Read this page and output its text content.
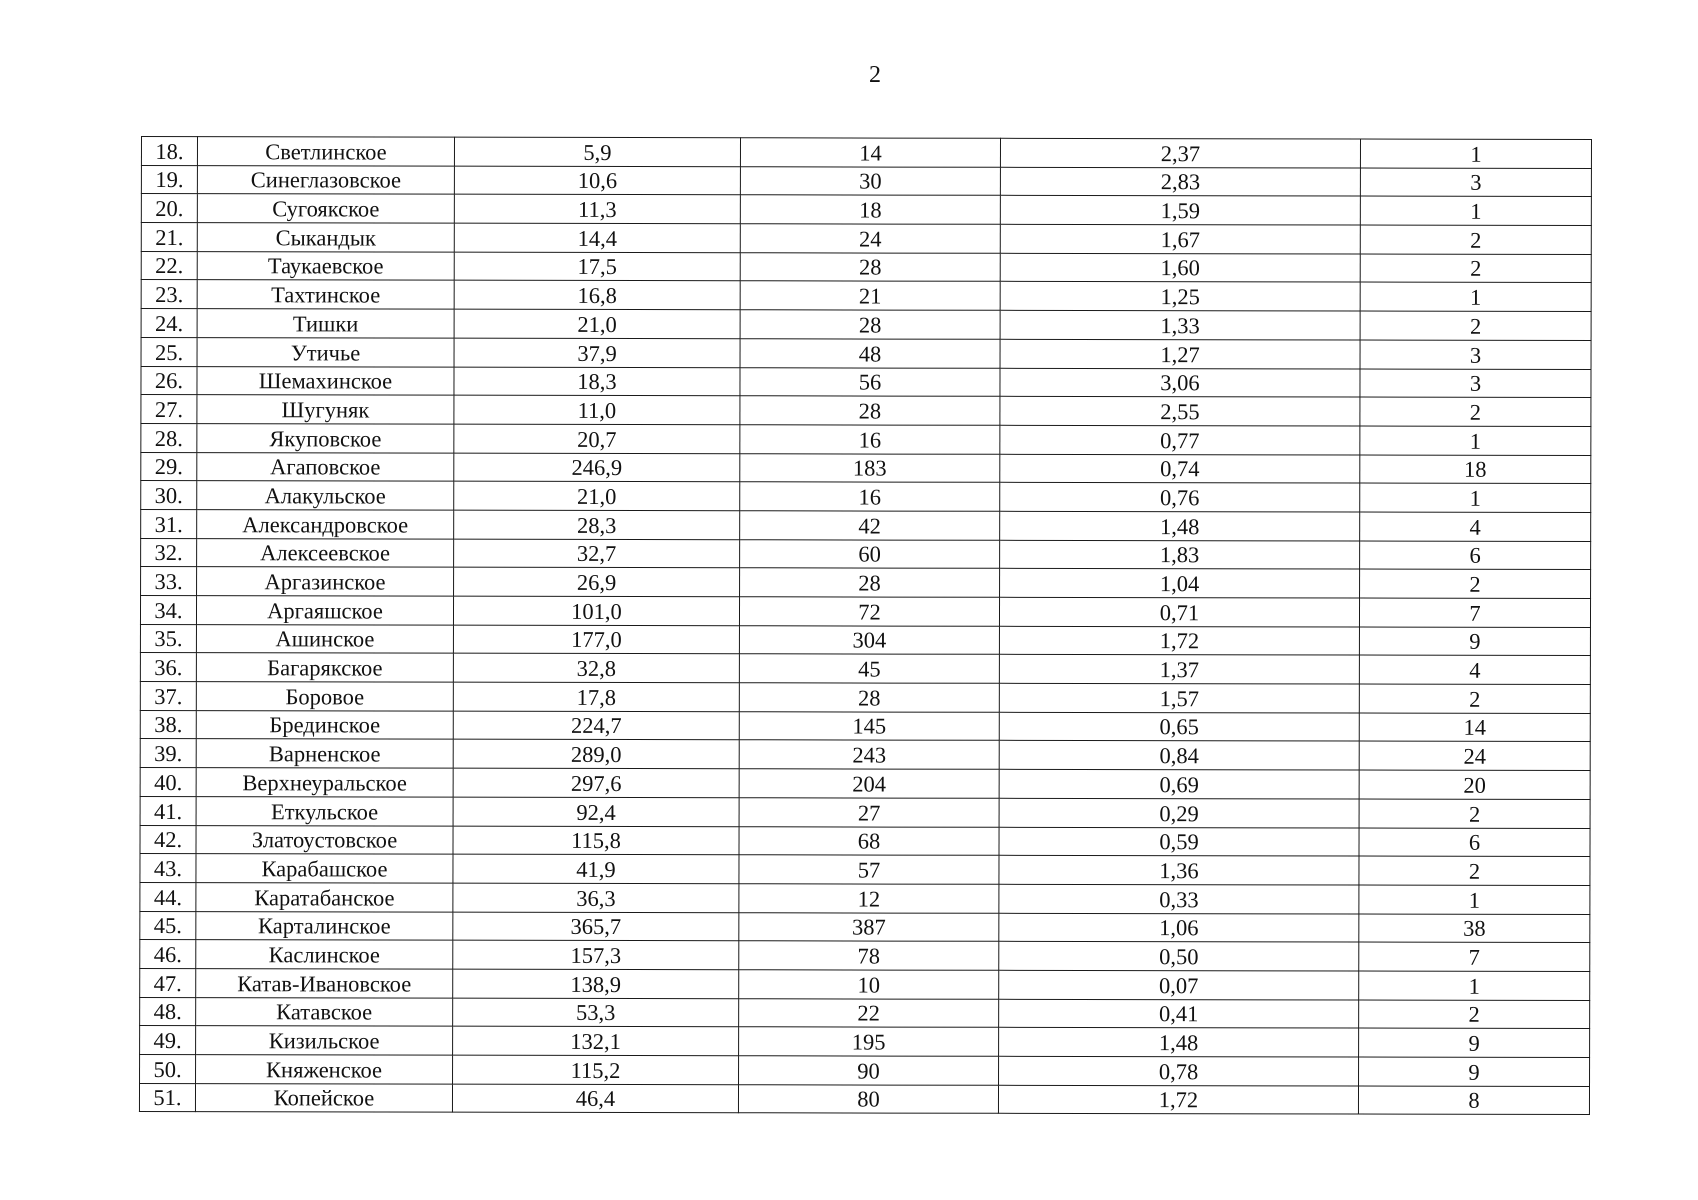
2
18.	Светлинское	5,9	14	2,37	1
19.	Синеглазовское	10,6	30	2,83	3
20.	Сугоякское	11,3	18	1,59	1
21.	Сыкандык	14,4	24	1,67	2
22.	Таукаевское	17,5	28	1,60	2
23.	Тахтинское	16,8	21	1,25	1
24.	Тишки	21,0	28	1,33	2
25.	Утичье	37,9	48	1,27	3
26.	Шемахинское	18,3	56	3,06	3
27.	Шугуняк	11,0	28	2,55	2
28.	Якуповское	20,7	16	0,77	1
29.	Агаповское	246,9	183	0,74	18
30.	Алакульское	21,0	16	0,76	1
31.	Александровское	28,3	42	1,48	4
32.	Алексеевское	32,7	60	1,83	6
33.	Аргазинское	26,9	28	1,04	2
34.	Аргаяшское	101,0	72	0,71	7
35.	Ашинское	177,0	304	1,72	9
36.	Багарякское	32,8	45	1,37	4
37.	Боровое	17,8	28	1,57	2
38.	Брединское	224,7	145	0,65	14
39.	Варненское	289,0	243	0,84	24
40.	Верхнеуральское	297,6	204	0,69	20
41.	Еткульское	92,4	27	0,29	2
42.	Златоустовское	115,8	68	0,59	6
43.	Карабашское	41,9	57	1,36	2
44.	Каратабанское	36,3	12	0,33	1
45.	Карталинское	365,7	387	1,06	38
46.	Каслинское	157,3	78	0,50	7
47.	Катав-Ивановское	138,9	10	0,07	1
48.	Катавское	53,3	22	0,41	2
49.	Кизильское	132,1	195	1,48	9
50.	Княженское	115,2	90	0,78	9
51.	Копейское	46,4	80	1,72	8
